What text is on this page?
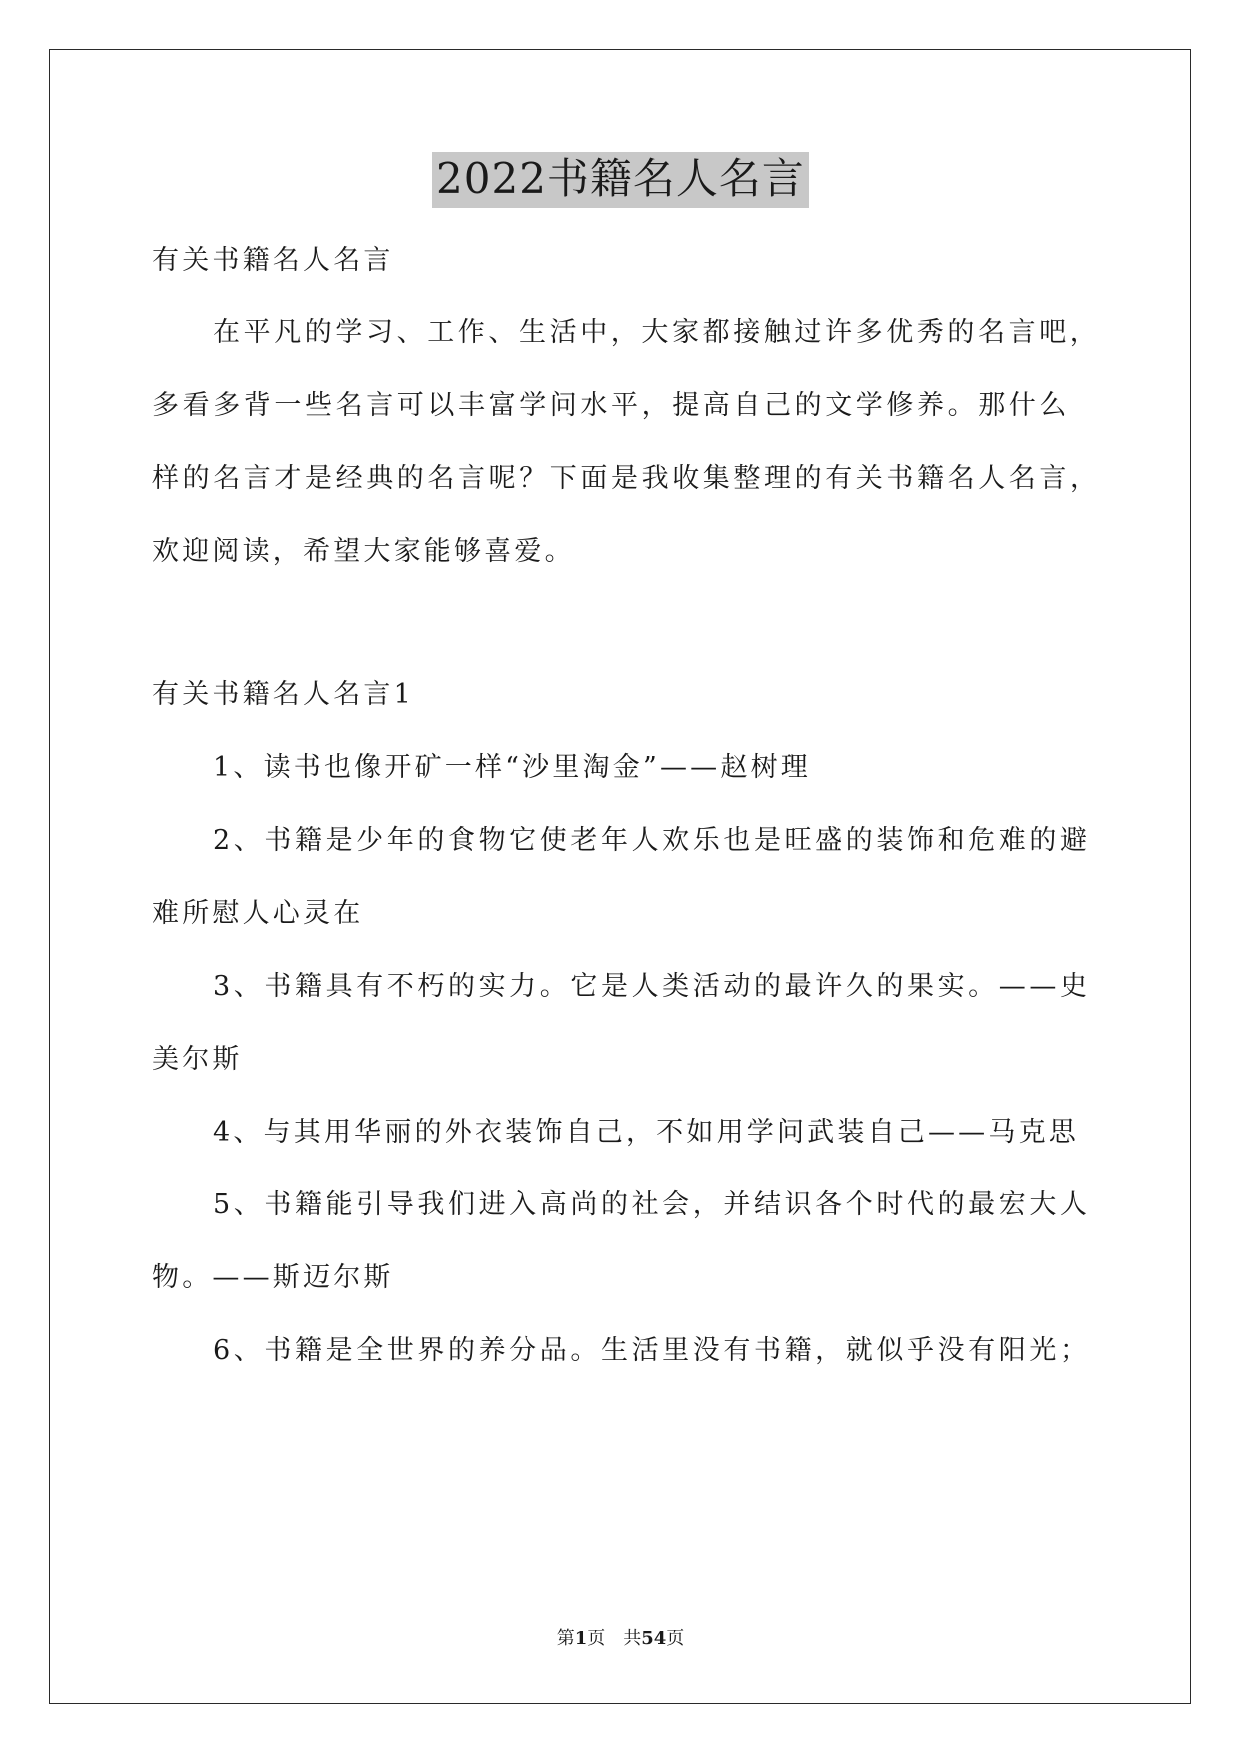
2022书籍名人名言

有关书籍名人名言

在平凡的学习、工作、生活中，大家都接触过许多优秀的名言吧，

多看多背一些名言可以丰富学问水平，提高自己的文学修养。那什么

样的名言才是经典的名言呢？下面是我收集整理的有关书籍名人名言，

欢迎阅读，希望大家能够喜爱。

有关书籍名人名言1

1、读书也像开矿一样“沙里淘金”——赵树理

2、书籍是少年的食物它使老年人欢乐也是旺盛的装饰和危难的避

难所慰人心灵在

3、书籍具有不朽的实力。它是人类活动的最许久的果实。——史

美尔斯

4、与其用华丽的外衣装饰自己，不如用学问武装自己——马克思

5、书籍能引导我们进入高尚的社会，并结识各个时代的最宏大人

物。——斯迈尔斯

6、书籍是全世界的养分品。生活里没有书籍，就似乎没有阳光；

第1页　共54页
